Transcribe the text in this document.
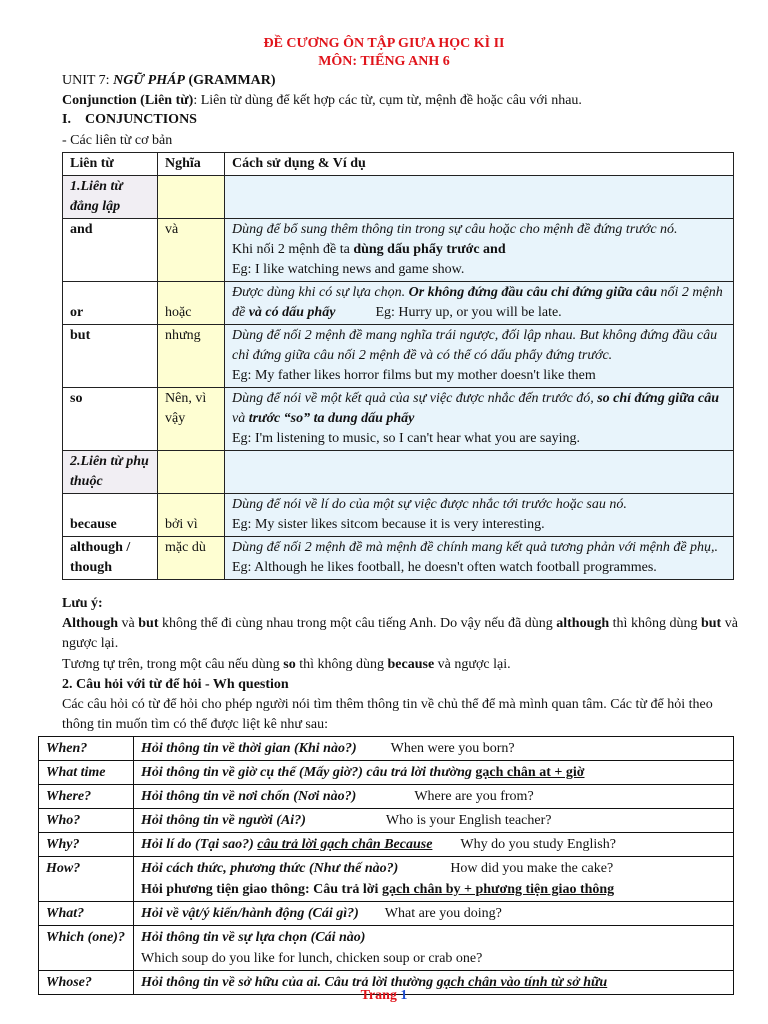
ĐỀ CƯƠNG ÔN TẬP GIƯA HỌC KÌ II
MÔN: TIẾNG ANH 6
UNIT 7: NGỮ PHÁP (GRAMMAR)
Conjunction (Liên từ): Liên từ dùng để kết hợp các từ, cụm từ, mệnh đề hoặc câu với nhau.
I. CONJUNCTIONS
- Các liên từ cơ bản
Liên từ	Nghĩa	Cách sử dụng & Ví dụ
1.Liên từ đẳng lập		
and	và	Dùng để bổ sung thêm thông tin trong sự câu hoặc cho mệnh đề đứng trước nó.
Khi nối 2 mệnh đề ta dùng dấu phẩy trước and
Eg: I like watching news and game show.
or	hoặc	Được dùng khi có sự lựa chọn. Or không đứng đầu câu chỉ đứng giữa câu nối 2 mệnh đề và có dấu phẩy Eg: Hurry up, or you will be late.
but	nhưng	Dùng để nối 2 mệnh đề mang nghĩa trái ngược, đối lập nhau. But không đứng đầu câu chỉ đứng giữa câu nối 2 mệnh đề và có thể có dấu phẩy đứng trước.
Eg: My father likes horror films but my mother doesn't like them
so	Nên, vì vậy	Dùng để nói về một kết quả của sự việc được nhắc đến trước đó, so chỉ đứng giữa câu và trước “so” ta dung dấu phẩy
Eg: I'm listening to music, so I can't hear what you are saying.
2.Liên từ phụ thuộc		
because	bởi vì	Dùng để nói về lí do của một sự việc được nhắc tới trước hoặc sau nó.
Eg: My sister likes sitcom because it is very interesting.
although / though	mặc dù	Dùng để nối 2 mệnh đề mà mệnh đề chính mang kết quả tương phản với mệnh đề phụ,. Eg: Although he likes football, he doesn't often watch football programmes.
Lưu ý:
Although và but không thể đi cùng nhau trong một câu tiếng Anh. Do vậy nếu đã dùng although thì không dùng but và ngược lại.
Tương tự trên, trong một câu nếu dùng so thì không dùng because và ngược lại.
2. Câu hỏi với từ để hỏi - Wh question
Các câu hỏi có từ để hỏi cho phép người nói tìm thêm thông tin về chủ thể để mà mình quan tâm. Các từ để hỏi theo thông tin muốn tìm có thể được liệt kê như sau:
When?	Hỏi thông tin về thời gian (Khi nào?) When were you born?
What time	Hỏi thông tin về giờ cụ thể (Mấy giờ?) câu trả lời thường gạch chân at + giờ
Where?	Hỏi thông tin về nơi chốn (Nơi nào?) Where are you from?
Who?	Hỏi thông tin về người (Ai?) Who is your English teacher?
Why?	Hỏi lí do (Tại sao?) câu trả lời gạch chân Because Why do you study English?
How?	Hỏi cách thức, phương thức (Như thế nào?) How did you make the cake?
Hỏi phương tiện giao thông: Câu trả lời gạch chân by + phương tiện giao thông
What?	Hỏi về vật/ý kiến/hành động (Cái gì?) What are you doing?
Which (one)?	Hỏi thông tin về sự lựa chọn (Cái nào)
Which soup do you like for lunch, chicken soup or crab one?
Whose?	Hỏi thông tin về sở hữu của ai. Câu trả lời thường gạch chân vào tính từ sở hữu
Trang 1
